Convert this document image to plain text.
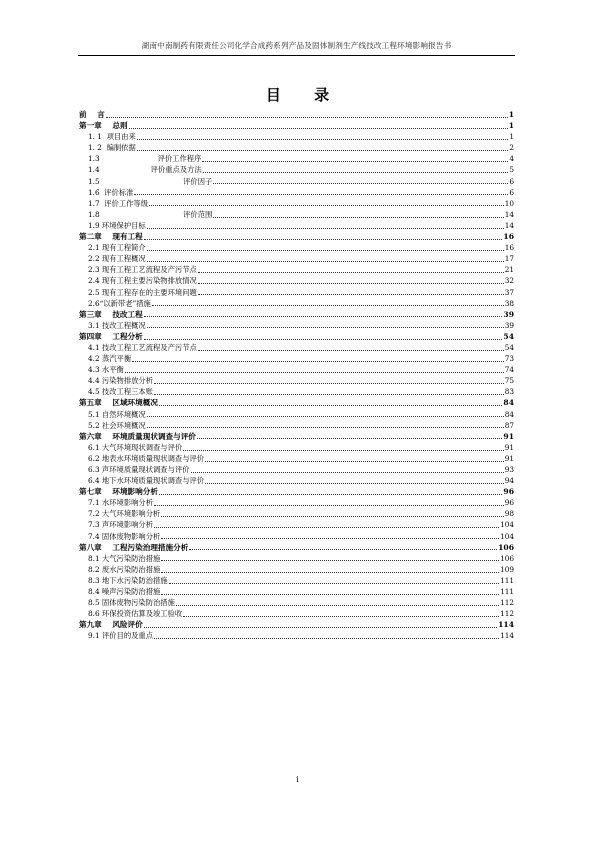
湖南中南制药有限责任公司化学合成药系列产品及固体制剂生产线技改工程环境影响报告书
目 录
前    言	1
第一章    总则	1
1. 1  项目由来	1
1. 2  编制依据	2
1.3                         评价工作程序	4
1.4                      评价重点及方法	5
1.5                                    评价因子	6
1.6  评价标准	6
1.7  评价工作等级	10
1.8                                    评价范围	14
1.9 环境保护目标	14
第二章    现有工程	16
2.1 现有工程简介	16
2.2 现有工程概况	17
2.3 现有工程工艺流程及产污节点	21
2.4 现有工程主要污染物排放情况	32
2.5 现有工程存在的主要环境问题	37
2.6“以新带老”措施	38
第三章    技改工程	39
3.1 技改工程概况	39
第四章    工程分析	54
4.1 技改工程工艺流程及产污节点	54
4.2 蒸汽平衡	73
4.3 水平衡	74
4.4 污染物排放分析	75
4.5 技改工程三本账	83
第五章    区域环境概况	84
5.1 自然环境概况	84
5.2 社会环境概况	87
第六章    环境质量现状调查与评价	91
6.1 大气环境现状调查与评价	91
6.2 地表水环境质量现状调查与评价	91
6.3 声环境质量现状调查与评价	93
6.4 地下水环境质量现状调查与评价	94
第七章    环境影响分析	96
7.1 水环境影响分析	96
7.2 大气环境影响分析	98
7.3 声环境影响分析	104
7.4 固体废物影响分析	104
第八章    工程污染治理措施分析	106
8.1 大气污染防治措施	106
8.2 废水污染防治措施	109
8.3 地下水污染防治措施	111
8.4 噪声污染防治措施	111
8.5 固体废物污染防治措施	112
8.6 环保投资估算及竣工验收	112
第九章    风险评价	114
9.1 评价目的及重点	114
i
